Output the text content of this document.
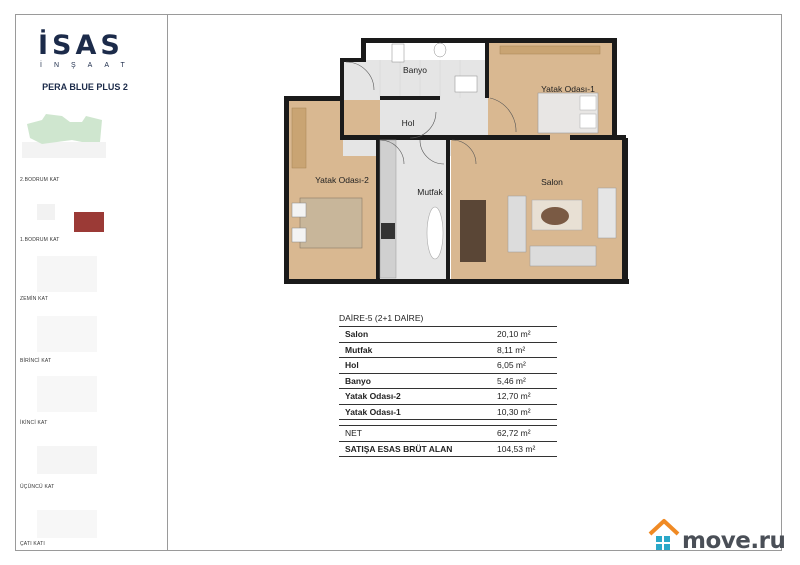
İSAS
İNŞAAT
PERA BLUE PLUS 2
2.BODRUM KAT
1.BODRUM KAT
ZEMİN KAT
BİRİNCİ KAT
İKİNCİ KAT
ÜÇÜNCÜ KAT
ÇATI KATI
Banyo
Yatak Odası-1
Hol
Yatak Odası-2
Mutfak
Salon
DAİRE-5 (2+1 DAİRE)
Salon	20,10 m²
Mutfak	8,11 m²
Hol	6,05 m²
Banyo	5,46 m²
Yatak Odası-2	12,70 m²
Yatak Odası-1	10,30 m²
NET	62,72 m²
SATIŞA ESAS BRÜT ALAN	104,53 m²
move.ru
